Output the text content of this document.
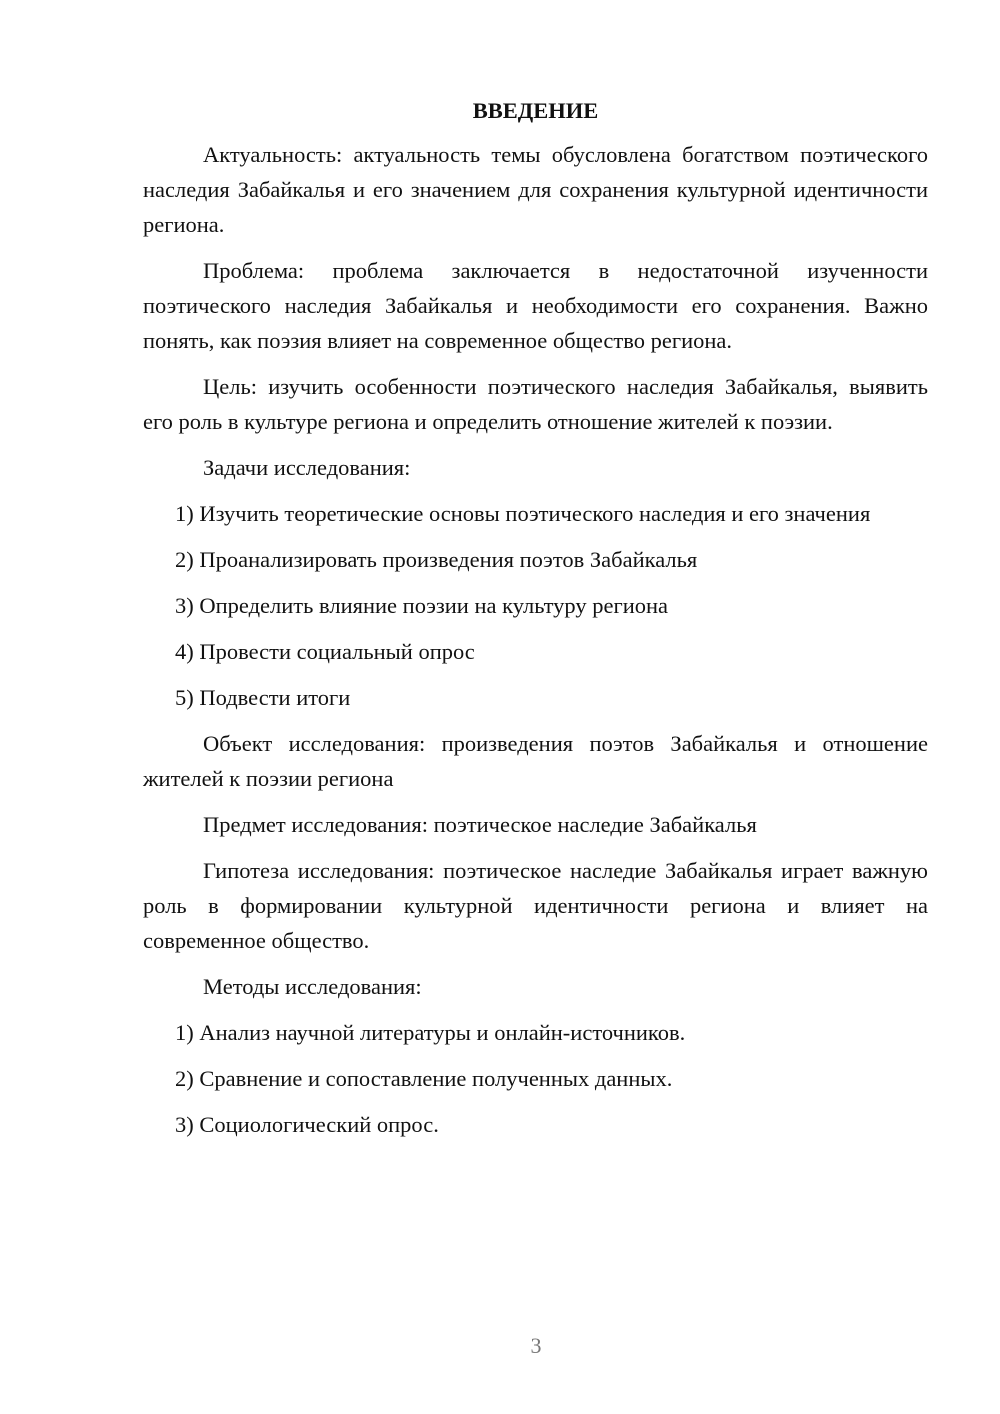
ВВЕДЕНИЕ
Актуальность: актуальность темы обусловлена богатством поэтического наследия Забайкалья и его значением для сохранения культурной идентичности региона.
Проблема: проблема заключается в недостаточной изученности поэтического наследия Забайкалья и необходимости его сохранения. Важно понять, как поэзия влияет на современное общество региона.
Цель: изучить особенности поэтического наследия Забайкалья, выявить его роль в культуре региона и определить отношение жителей к поэзии.
Задачи исследования:
1) Изучить теоретические основы поэтического наследия и его значения
2) Проанализировать произведения поэтов Забайкалья
3) Определить влияние поэзии на культуру региона
4) Провести социальный опрос
5) Подвести итоги
Объект исследования: произведения поэтов Забайкалья и отношение жителей к поэзии региона
Предмет исследования: поэтическое наследие Забайкалья
Гипотеза исследования: поэтическое наследие Забайкалья играет важную роль в формировании культурной идентичности региона и влияет на современное общество.
Методы исследования:
1) Анализ научной литературы и онлайн-источников.
2) Сравнение и сопоставление полученных данных.
3) Социологический опрос.
3
